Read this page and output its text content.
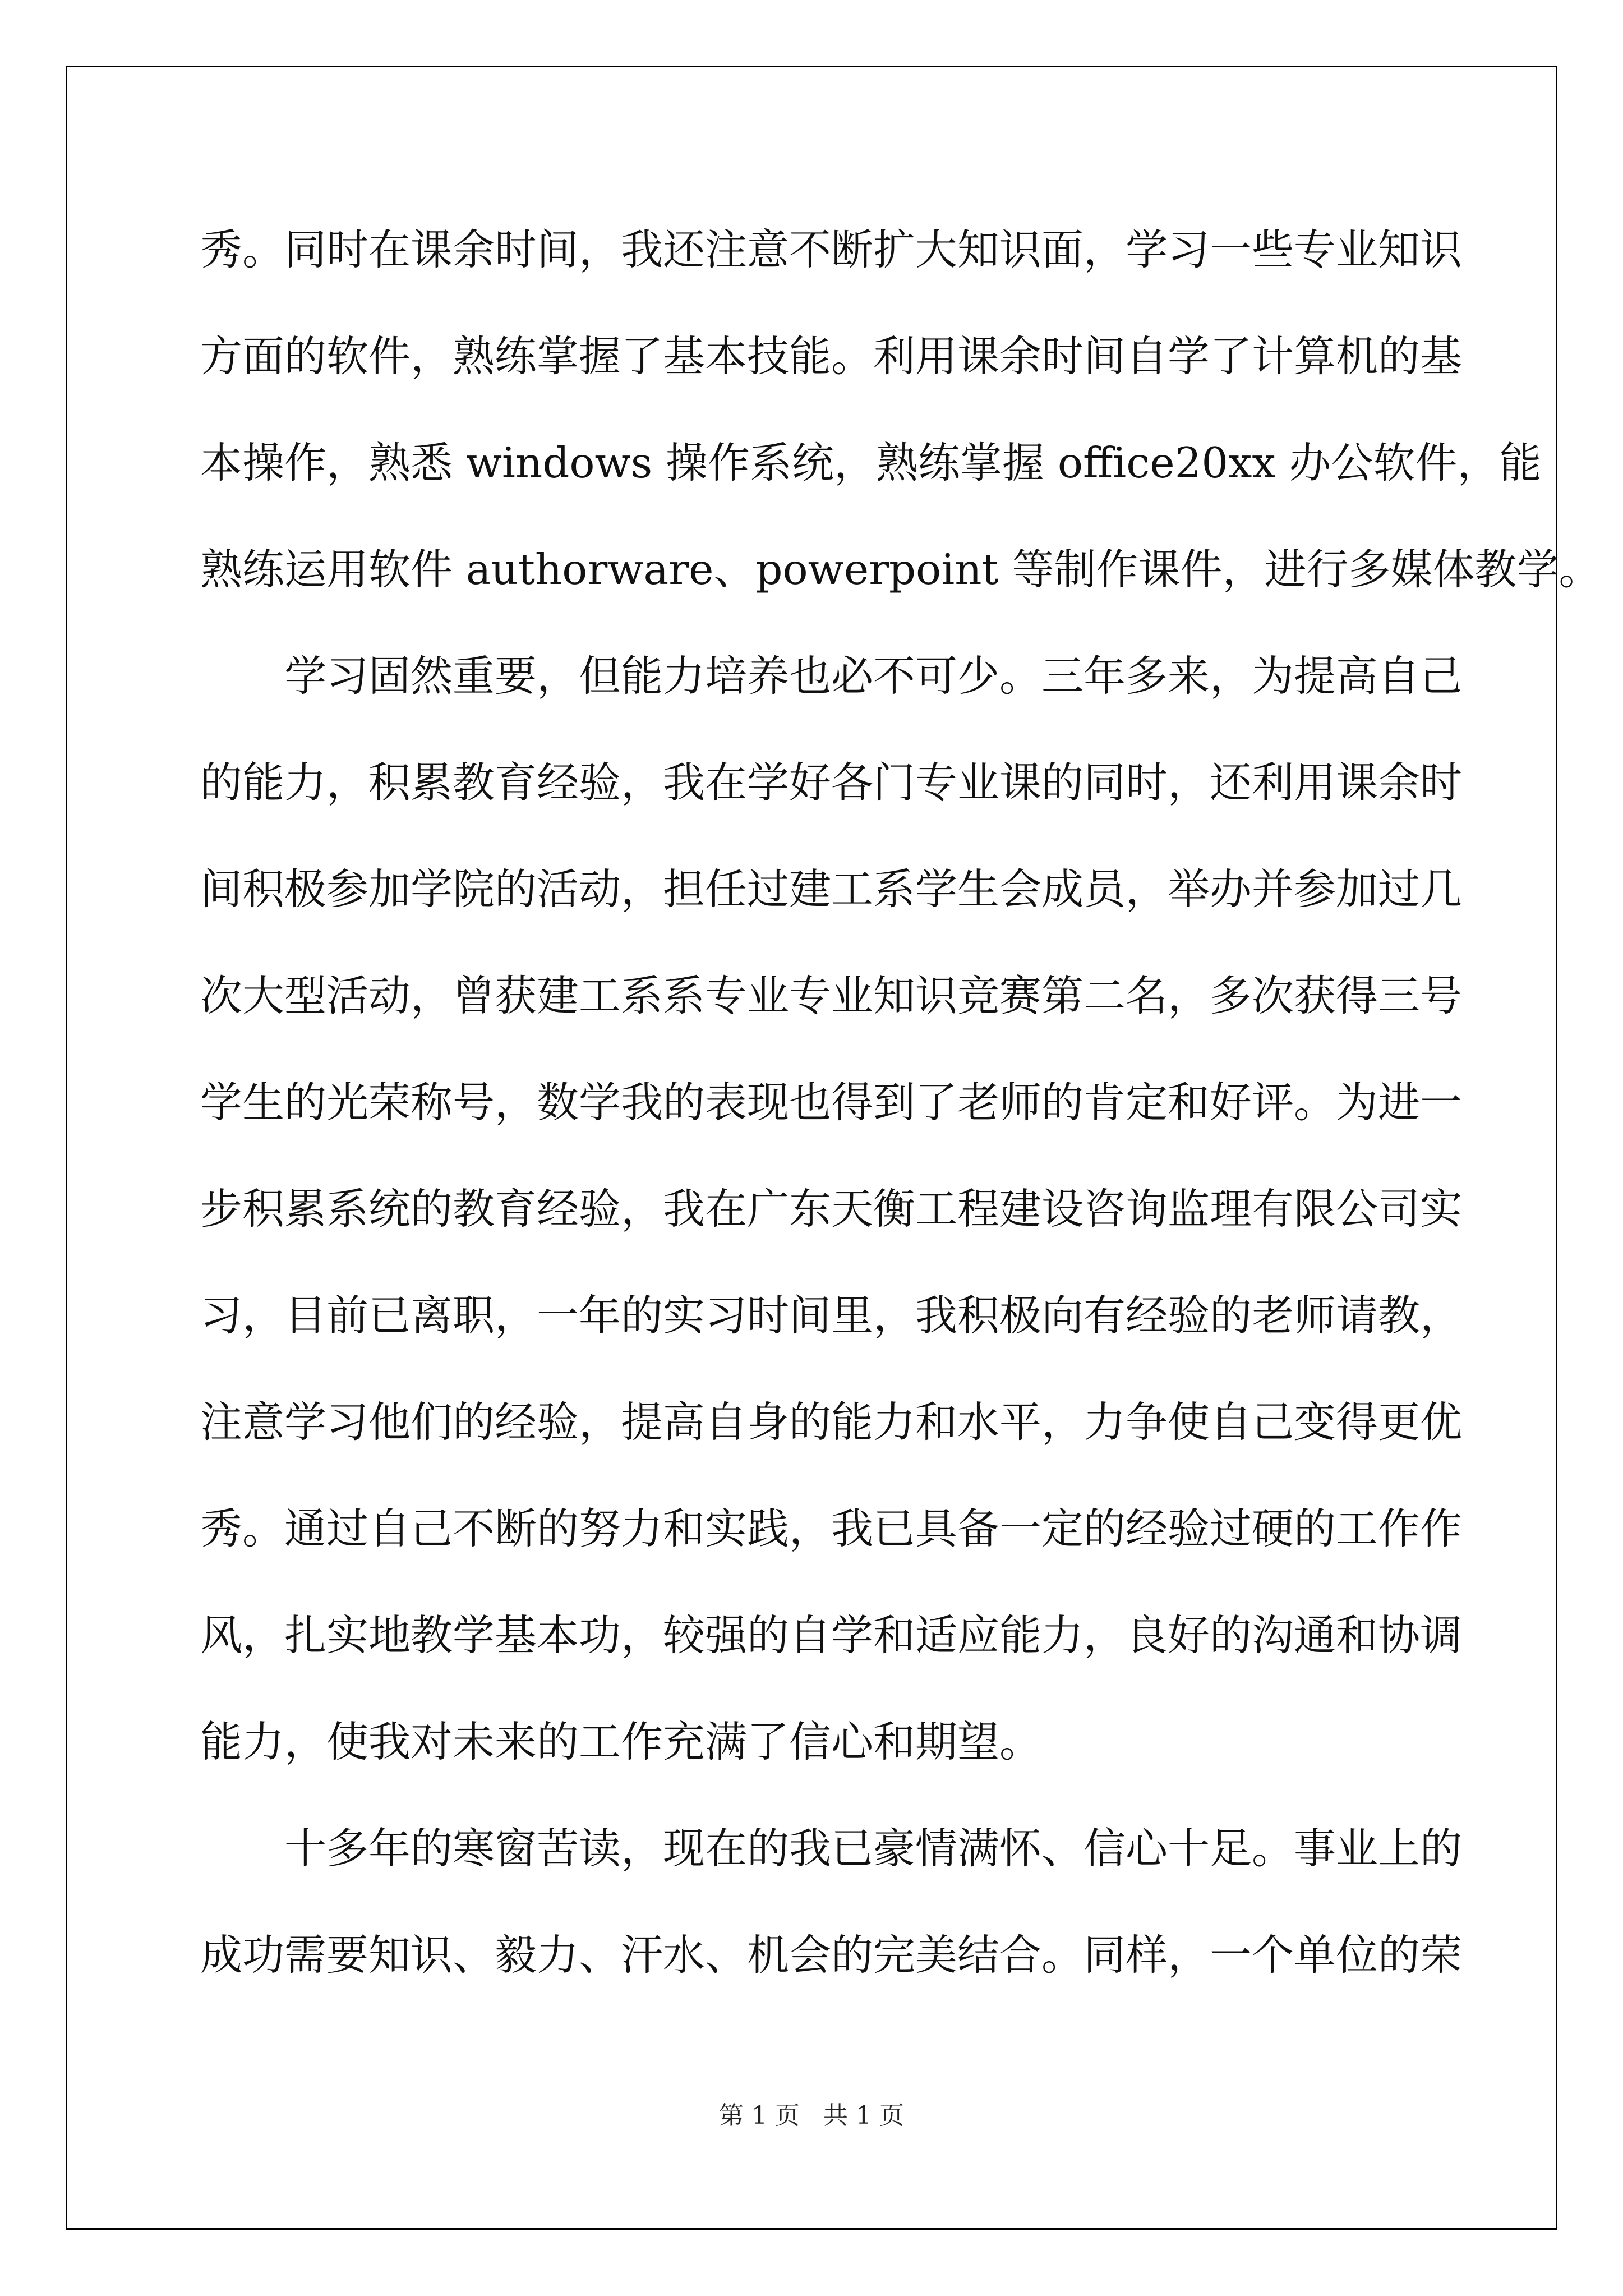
秀。同时在课余时间，我还注意不断扩大知识面，学习一些专业知识
方面的软件，熟练掌握了基本技能。利用课余时间自学了计算机的基
本操作，熟悉 windows 操作系统，熟练掌握 office20xx 办公软件，能
熟练运用软件 authorware、powerpoint 等制作课件，进行多媒体教学。
学习固然重要，但能力培养也必不可少。三年多来，为提高自己
的能力，积累教育经验，我在学好各门专业课的同时，还利用课余时
间积极参加学院的活动，担任过建工系学生会成员，举办并参加过几
次大型活动，曾获建工系系专业专业知识竞赛第二名，多次获得三号
学生的光荣称号，数学我的表现也得到了老师的肯定和好评。为进一
步积累系统的教育经验，我在广东天衡工程建设咨询监理有限公司实
习，目前已离职，一年的实习时间里，我积极向有经验的老师请教，
注意学习他们的经验，提高自身的能力和水平，力争使自己变得更优
秀。通过自己不断的努力和实践，我已具备一定的经验过硬的工作作
风，扎实地教学基本功，较强的自学和适应能力，良好的沟通和协调
能力，使我对未来的工作充满了信心和期望。
十多年的寒窗苦读，现在的我已豪情满怀、信心十足。事业上的
成功需要知识、毅力、汗水、机会的完美结合。同样，一个单位的荣
第 1 页   共 1 页
